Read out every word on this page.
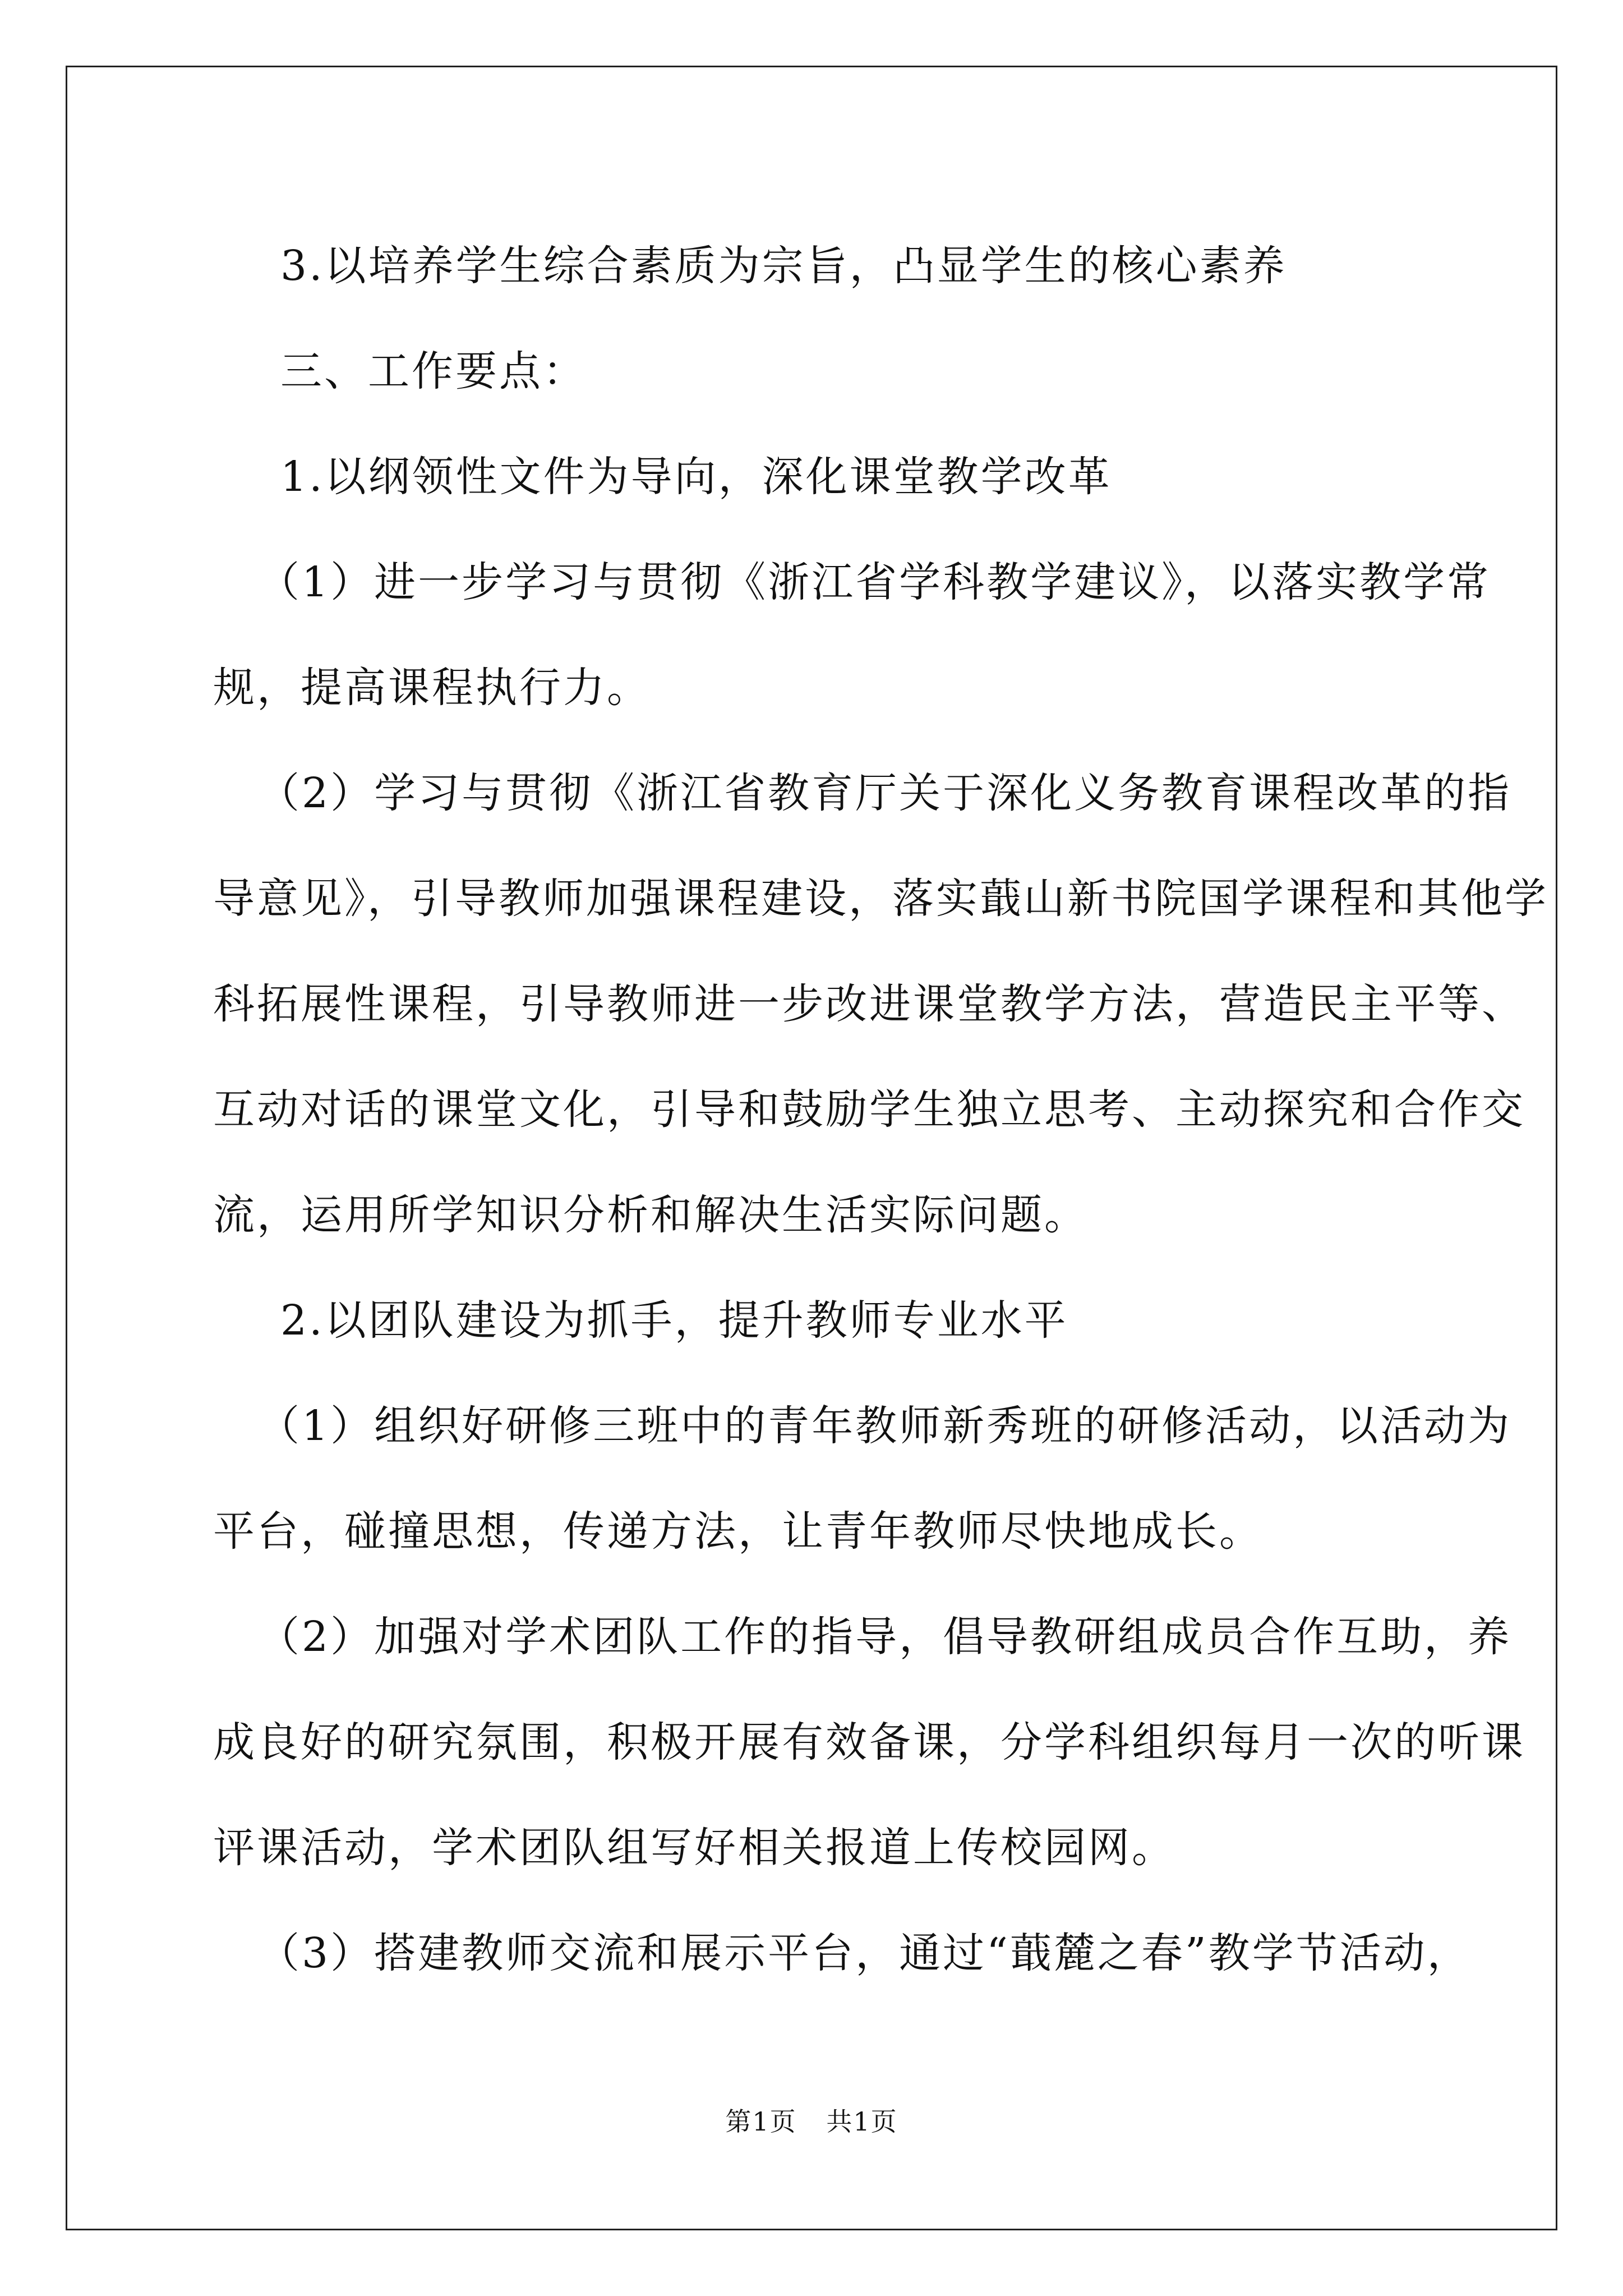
3.以培养学生综合素质为宗旨，凸显学生的核心素养
三、工作要点：
1.以纲领性文件为导向，深化课堂教学改革
（1）进一步学习与贯彻《浙江省学科教学建议》，以落实教学常
规，提高课程执行力。
（2）学习与贯彻《浙江省教育厅关于深化义务教育课程改革的指
导意见》，引导教师加强课程建设，落实蕺山新书院国学课程和其他学
科拓展性课程，引导教师进一步改进课堂教学方法，营造民主平等、
互动对话的课堂文化，引导和鼓励学生独立思考、主动探究和合作交
流，运用所学知识分析和解决生活实际问题。
2.以团队建设为抓手，提升教师专业水平
（1）组织好研修三班中的青年教师新秀班的研修活动，以活动为
平台，碰撞思想，传递方法，让青年教师尽快地成长。
（2）加强对学术团队工作的指导，倡导教研组成员合作互助，养
成良好的研究氛围，积极开展有效备课，分学科组织每月一次的听课
评课活动，学术团队组写好相关报道上传校园网。
（3）搭建教师交流和展示平台，通过“蕺麓之春”教学节活动，
第1页 共1页
